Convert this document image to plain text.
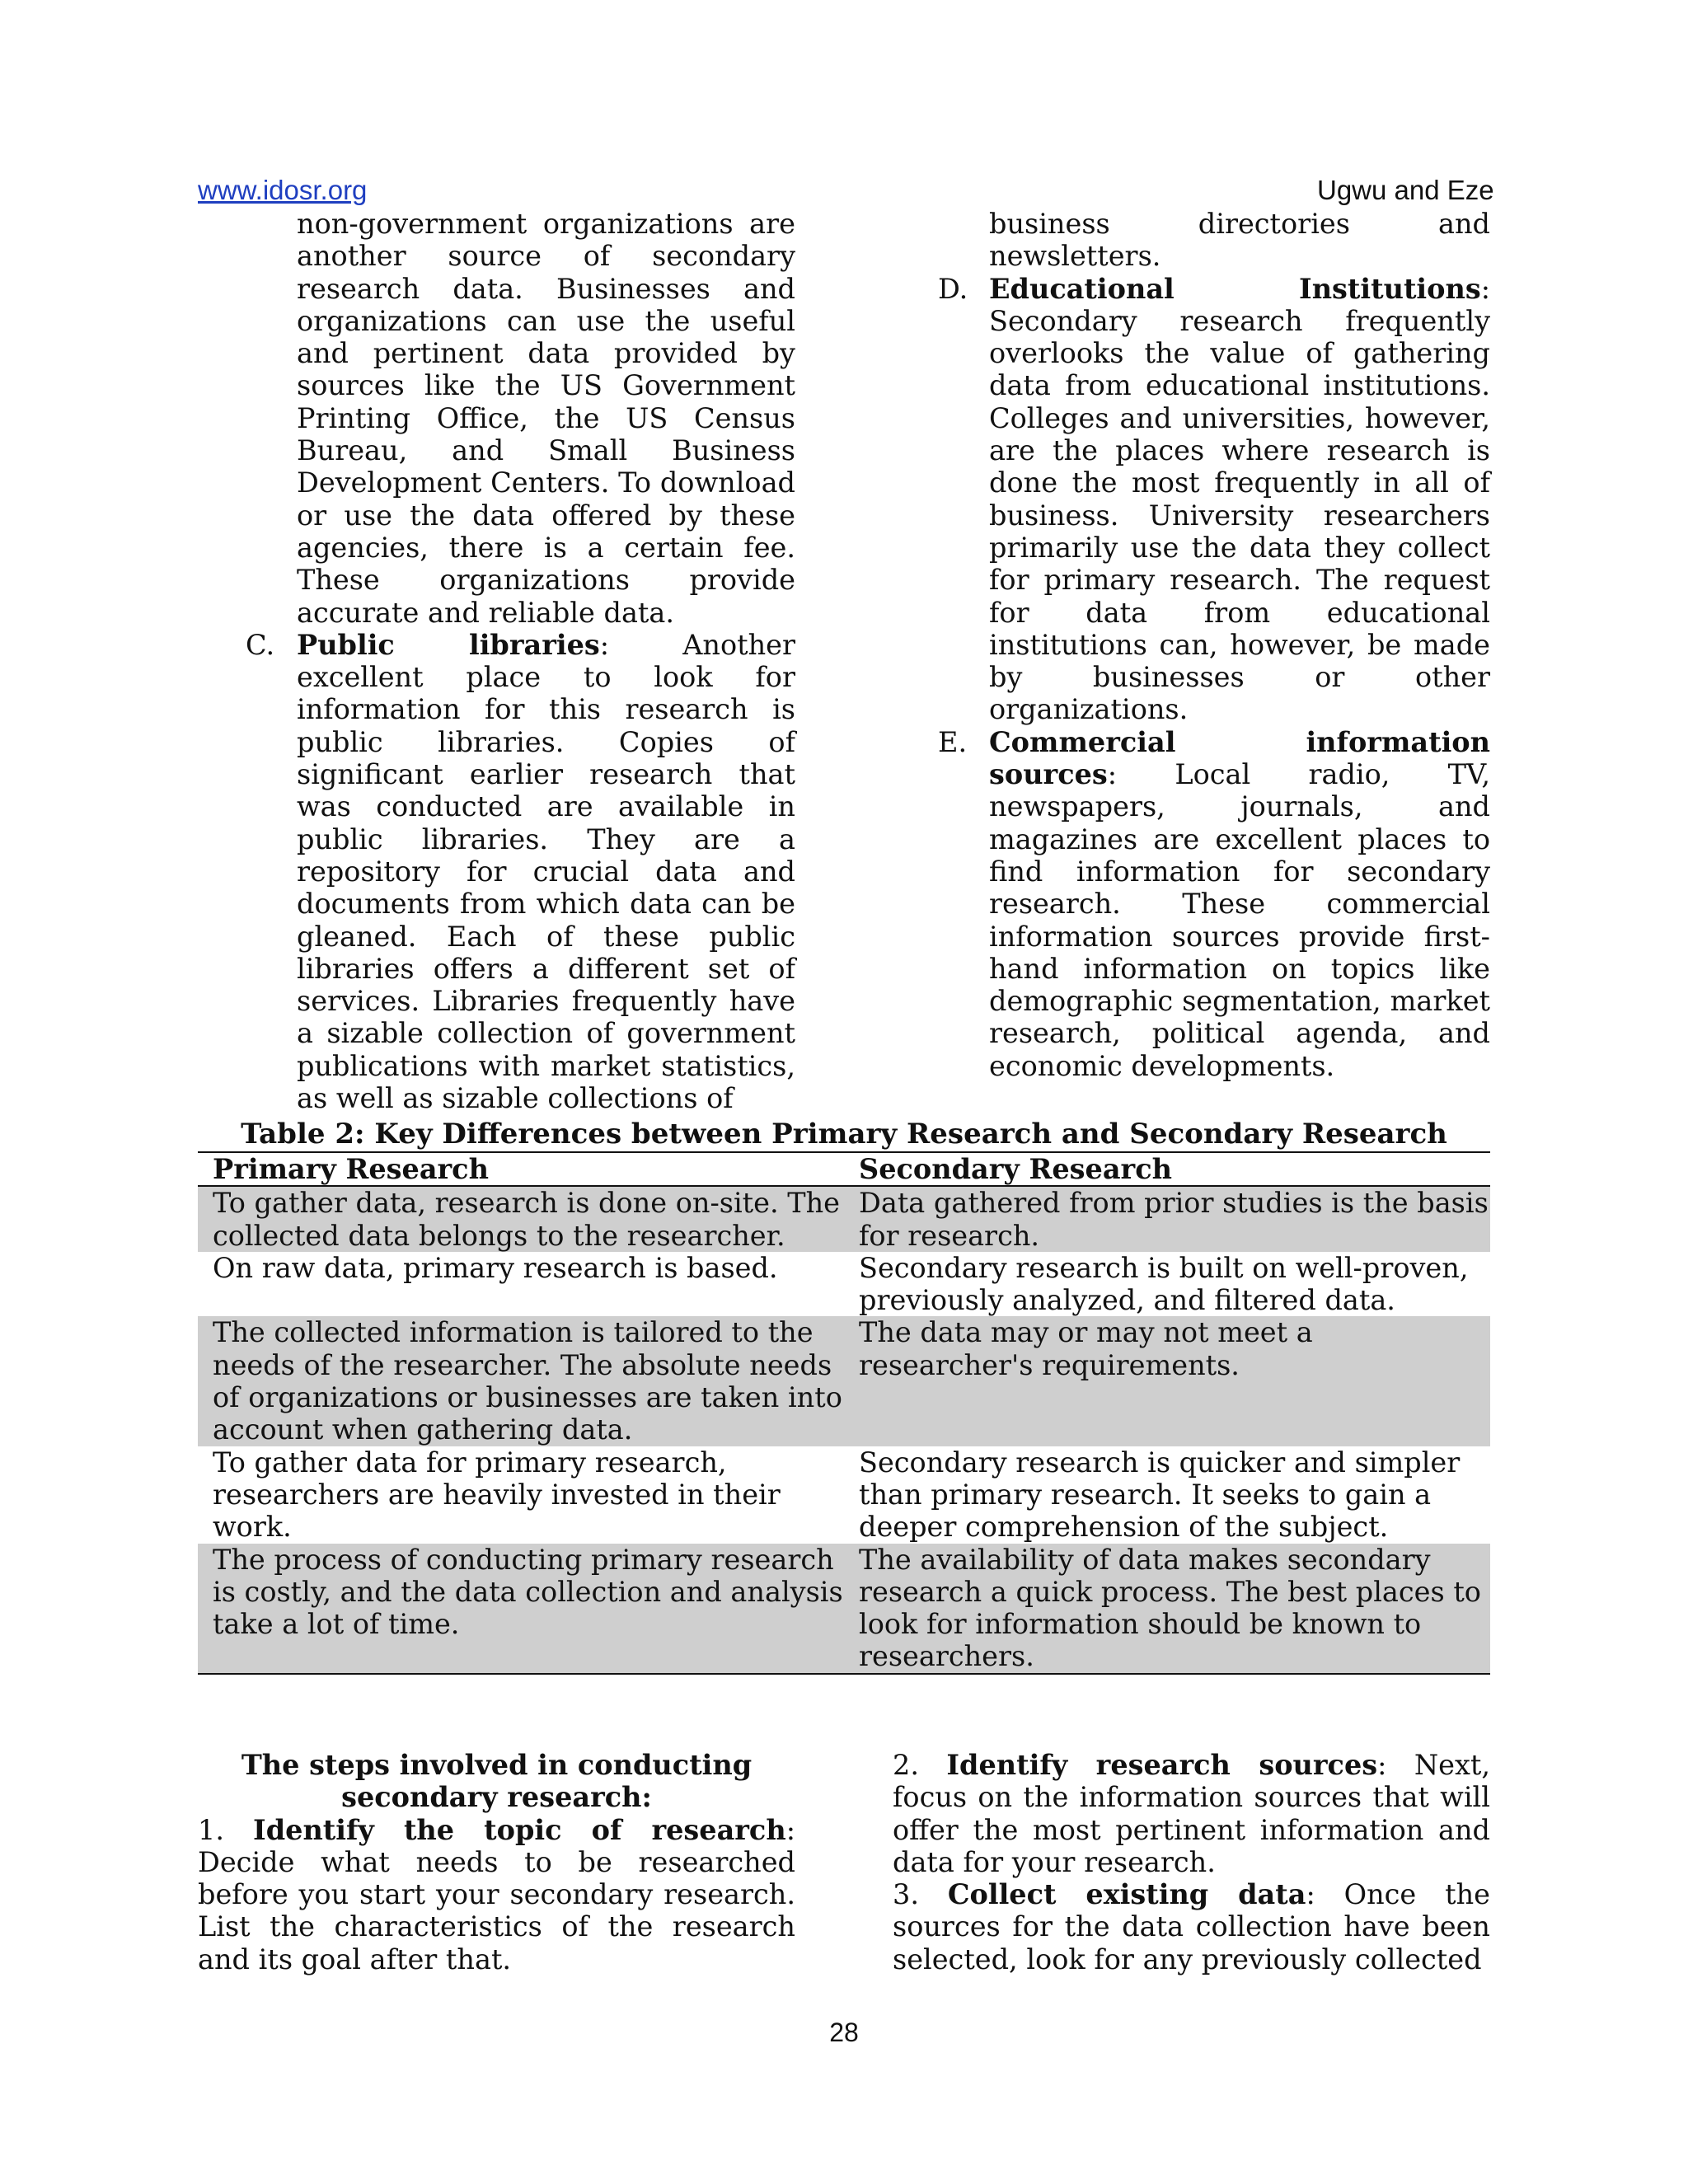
www.idosr.org	Ugwu and Eze

non-government organizations are another source of secondary research data. Businesses and organizations can use the useful and pertinent data provided by sources like the US Government Printing Office, the US Census Bureau, and Small Business Development Centers. To download or use the data offered by these agencies, there is a certain fee. These organizations provide accurate and reliable data.

C. Public libraries: Another excellent place to look for information for this research is public libraries. Copies of significant earlier research that was conducted are available in public libraries. They are a repository for crucial data and documents from which data can be gleaned. Each of these public libraries offers a different set of services. Libraries frequently have a sizable collection of government publications with market statistics, as well as sizable collections of

business directories and newsletters.

D. Educational Institutions: Secondary research frequently overlooks the value of gathering data from educational institutions. Colleges and universities, however, are the places where research is done the most frequently in all of business. University researchers primarily use the data they collect for primary research. The request for data from educational institutions can, however, be made by businesses or other organizations.

E. Commercial information sources: Local radio, TV, newspapers, journals, and magazines are excellent places to find information for secondary research. These commercial information sources provide first-hand information on topics like demographic segmentation, market research, political agenda, and economic developments.

Table 2: Key Differences between Primary Research and Secondary Research
Primary Research	Secondary Research
To gather data, research is done on-site. The collected data belongs to the researcher.	Data gathered from prior studies is the basis for research.
On raw data, primary research is based.	Secondary research is built on well-proven, previously analyzed, and filtered data.
The collected information is tailored to the needs of the researcher. The absolute needs of organizations or businesses are taken into account when gathering data.	The data may or may not meet a researcher's requirements.
To gather data for primary research, researchers are heavily invested in their work.	Secondary research is quicker and simpler than primary research. It seeks to gain a deeper comprehension of the subject.
The process of conducting primary research is costly, and the data collection and analysis take a lot of time.	The availability of data makes secondary research a quick process. The best places to look for information should be known to researchers.

The steps involved in conducting secondary research:

1. Identify the topic of research: Decide what needs to be researched before you start your secondary research. List the characteristics of the research and its goal after that.

2. Identify research sources: Next, focus on the information sources that will offer the most pertinent information and data for your research.

3. Collect existing data: Once the sources for the data collection have been selected, look for any previously collected

28
